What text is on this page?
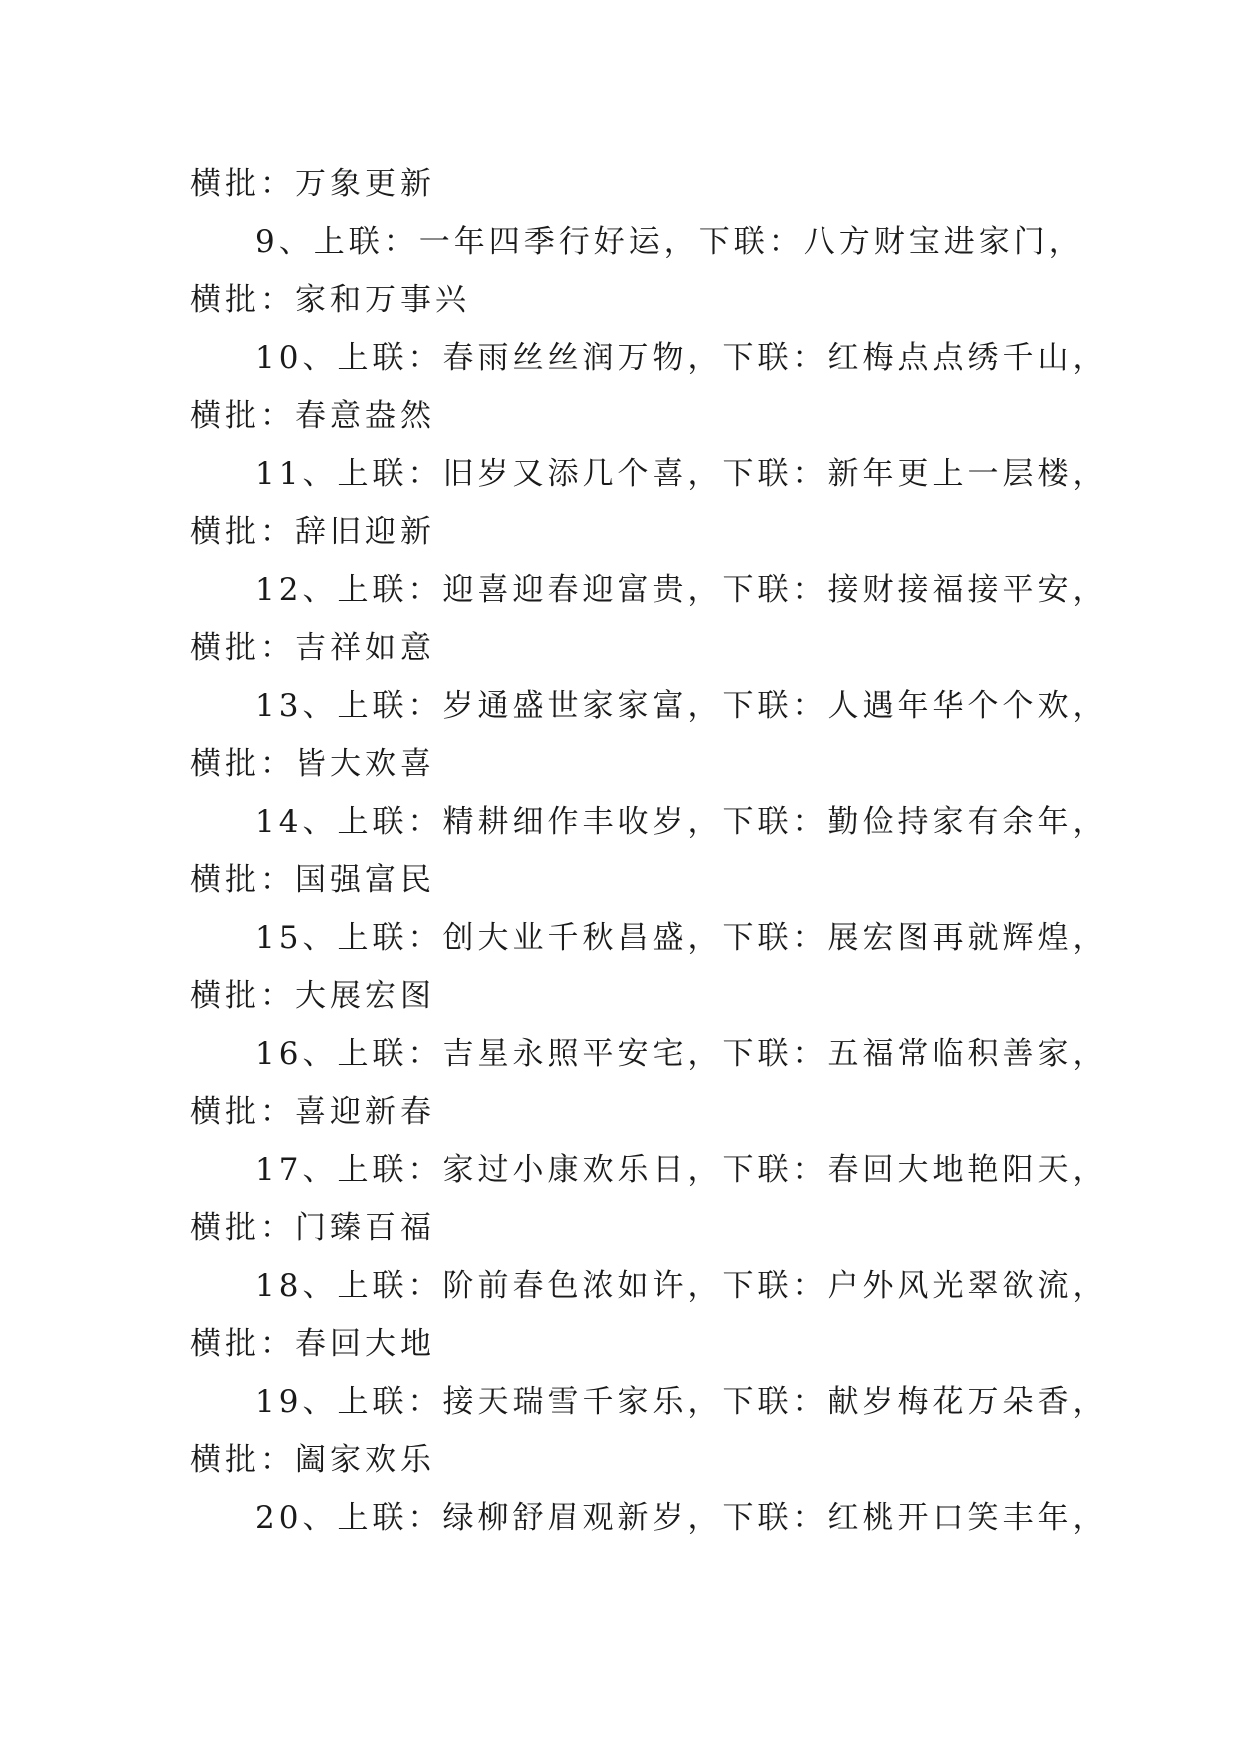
横批：万象更新
9、上联：一年四季行好运，下联：八方财宝进家门，
横批：家和万事兴
10、上联：春雨丝丝润万物，下联：红梅点点绣千山，
横批：春意盎然
11、上联：旧岁又添几个喜，下联：新年更上一层楼，
横批：辞旧迎新
12、上联：迎喜迎春迎富贵，下联：接财接福接平安，
横批：吉祥如意
13、上联：岁通盛世家家富，下联：人遇年华个个欢，
横批：皆大欢喜
14、上联：精耕细作丰收岁，下联：勤俭持家有余年，
横批：国强富民
15、上联：创大业千秋昌盛，下联：展宏图再就辉煌，
横批：大展宏图
16、上联：吉星永照平安宅，下联：五福常临积善家，
横批：喜迎新春
17、上联：家过小康欢乐日，下联：春回大地艳阳天，
横批：门臻百福
18、上联：阶前春色浓如许，下联：户外风光翠欲流，
横批：春回大地
19、上联：接天瑞雪千家乐，下联：献岁梅花万朵香，
横批：阖家欢乐
20、上联：绿柳舒眉观新岁，下联：红桃开口笑丰年，
